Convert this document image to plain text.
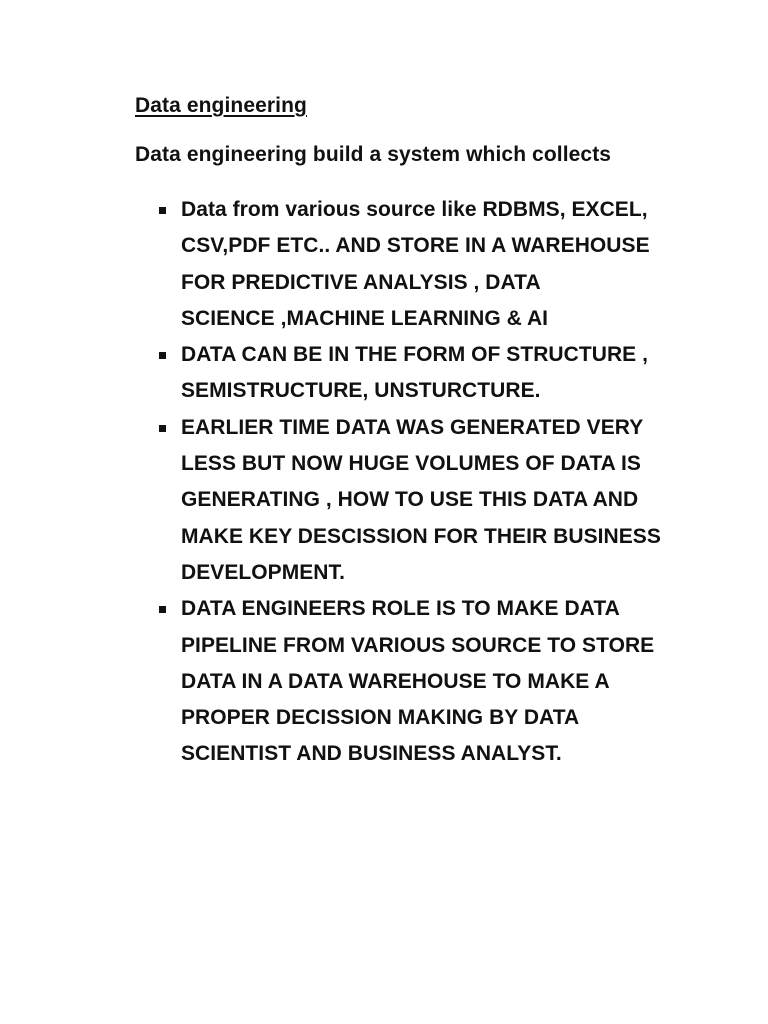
Data engineering

Data engineering build a system which collects

Data from various source like RDBMS, EXCEL,
CSV,PDF ETC.. AND STORE IN A WAREHOUSE
FOR PREDICTIVE ANALYSIS , DATA
SCIENCE ,MACHINE LEARNING & AI
DATA CAN BE IN THE FORM OF STRUCTURE ,
SEMISTRUCTURE, UNSTURCTURE.
EARLIER TIME DATA WAS GENERATED VERY
LESS BUT NOW HUGE VOLUMES OF DATA IS
GENERATING , HOW TO USE THIS DATA AND
MAKE KEY DESCISSION FOR THEIR BUSINESS
DEVELOPMENT.
DATA ENGINEERS ROLE IS TO MAKE DATA
PIPELINE FROM VARIOUS SOURCE TO STORE
DATA IN A DATA WAREHOUSE TO MAKE A
PROPER DECISSION MAKING BY DATA
SCIENTIST AND BUSINESS ANALYST.
